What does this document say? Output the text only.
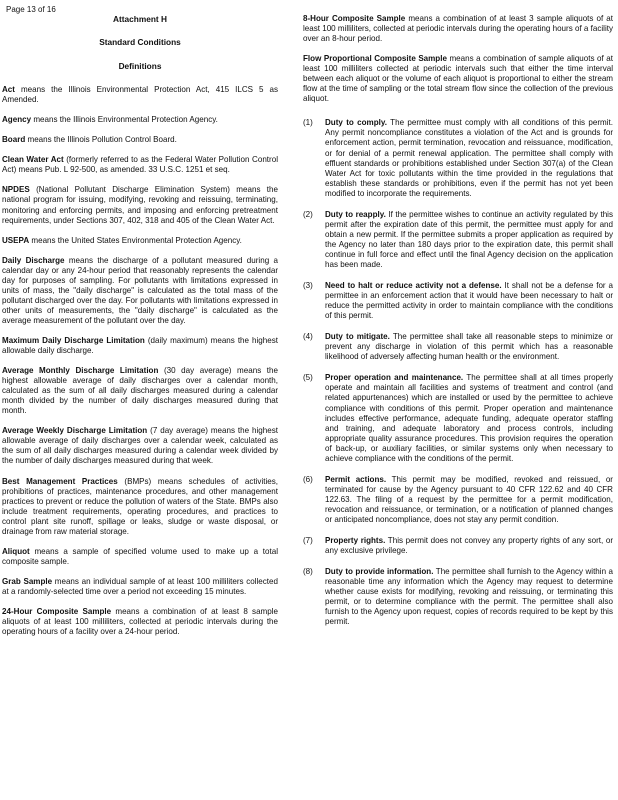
Page 13 of 16

Attachment H

Standard Conditions

Definitions

Act means the Illinois Environmental Protection Act, 415 ILCS 5 as Amended.

Agency means the Illinois Environmental Protection Agency.

Board means the Illinois Pollution Control Board.

Clean Water Act (formerly referred to as the Federal Water Pollution Control Act) means Pub. L 92-500, as amended. 33 U.S.C. 1251 et seq.

NPDES (National Pollutant Discharge Elimination System) means the national program for issuing, modifying, revoking and reissuing, terminating, monitoring and enforcing permits, and imposing and enforcing pretreatment requirements, under Sections 307, 402, 318 and 405 of the Clean Water Act.

USEPA means the United States Environmental Protection Agency.

Daily Discharge means the discharge of a pollutant measured during a calendar day or any 24-hour period that reasonably represents the calendar day for purposes of sampling. For pollutants with limitations expressed in units of mass, the "daily discharge" is calculated as the total mass of the pollutant discharged over the day. For pollutants with limitations expressed in other units of measurements, the "daily discharge" is calculated as the average measurement of the pollutant over the day.

Maximum Daily Discharge Limitation (daily maximum) means the highest allowable daily discharge.

Average Monthly Discharge Limitation (30 day average) means the highest allowable average of daily discharges over a calendar month, calculated as the sum of all daily discharges measured during a calendar month divided by the number of daily discharges measured during that month.

Average Weekly Discharge Limitation (7 day average) means the highest allowable average of daily discharges over a calendar week, calculated as the sum of all daily discharges measured during a calendar week divided by the number of daily discharges measured during that week.

Best Management Practices (BMPs) means schedules of activities, prohibitions of practices, maintenance procedures, and other management practices to prevent or reduce the pollution of waters of the State. BMPs also include treatment requirements, operating procedures, and practices to control plant site runoff, spillage or leaks, sludge or waste disposal, or drainage from raw material storage.

Aliquot means a sample of specified volume used to make up a total composite sample.

Grab Sample means an individual sample of at least 100 milliliters collected at a randomly-selected time over a period not exceeding 15 minutes.

24-Hour Composite Sample means a combination of at least 8 sample aliquots of at least 100 milliliters, collected at periodic intervals during the operating hours of a facility over a 24-hour period.

8-Hour Composite Sample means a combination of at least 3 sample aliquots of at least 100 milliliters, collected at periodic intervals during the operating hours of a facility over an 8-hour period.

Flow Proportional Composite Sample means a combination of sample aliquots of at least 100 milliliters collected at periodic intervals such that either the time interval between each aliquot or the volume of each aliquot is proportional to either the stream flow at the time of sampling or the total stream flow since the collection of the previous aliquot.

(1)	Duty to comply. The permittee must comply with all conditions of this permit. Any permit noncompliance constitutes a violation of the Act and is grounds for enforcement action, permit termination, revocation and reissuance, modification, or for denial of a permit renewal application. The permittee shall comply with effluent standards or prohibitions established under Section 307(a) of the Clean Water Act for toxic pollutants within the time provided in the regulations that establish these standards or prohibitions, even if the permit has not yet been modified to incorporate the requirements.
(2)	Duty to reapply. If the permittee wishes to continue an activity regulated by this permit after the expiration date of this permit, the permittee must apply for and obtain a new permit. If the permittee submits a proper application as required by the Agency no later than 180 days prior to the expiration date, this permit shall continue in full force and effect until the final Agency decision on the application has been made.
(3)	Need to halt or reduce activity not a defense. It shall not be a defense for a permittee in an enforcement action that it would have been necessary to halt or reduce the permitted activity in order to maintain compliance with the conditions of this permit.
(4)	Duty to mitigate. The permittee shall take all reasonable steps to minimize or prevent any discharge in violation of this permit which has a reasonable likelihood of adversely affecting human health or the environment.
(5)	Proper operation and maintenance. The permittee shall at all times properly operate and maintain all facilities and systems of treatment and control (and related appurtenances) which are installed or used by the permittee to achieve compliance with conditions of this permit. Proper operation and maintenance includes effective performance, adequate funding, adequate operator staffing and training, and adequate laboratory and process controls, including appropriate quality assurance procedures. This provision requires the operation of back-up, or auxiliary facilities, or similar systems only when necessary to achieve compliance with the conditions of the permit.
(6)	Permit actions. This permit may be modified, revoked and reissued, or terminated for cause by the Agency pursuant to 40 CFR 122.62 and 40 CFR 122.63. The filing of a request by the permittee for a permit modification, revocation and reissuance, or termination, or a notification of planned changes or anticipated noncompliance, does not stay any permit condition.
(7)	Property rights. This permit does not convey any property rights of any sort, or any exclusive privilege.
(8)	Duty to provide information. The permittee shall furnish to the Agency within a reasonable time any information which the Agency may request to determine whether cause exists for modifying, revoking and reissuing, or terminating this permit, or to determine compliance with the permit. The permittee shall also furnish to the Agency upon request, copies of records required to be kept by this permit.
